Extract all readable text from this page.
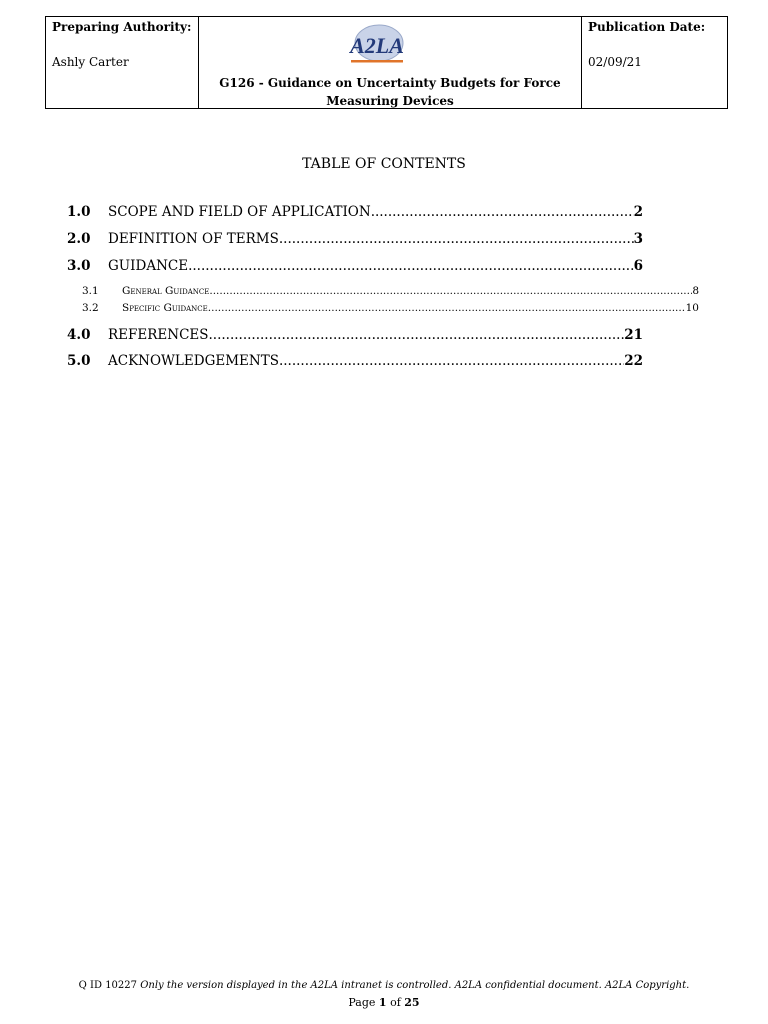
Preparing Authority:
Ashly Carter
A2LA
G126 - Guidance on Uncertainty Budgets for Force Measuring Devices
Publication Date:
02/09/21
TABLE OF CONTENTS
1.0	SCOPE AND FIELD OF APPLICATION .....	2
2.0	DEFINITION OF TERMS .....	3
3.0	GUIDANCE .....	6
3.1	General Guidance .....	8
3.2	Specific Guidance .....	10
4.0	REFERENCES .....	21
5.0	ACKNOWLEDGEMENTS .....	22
Q ID 10227 Only the version displayed in the A2LA intranet is controlled. A2LA confidential document. A2LA Copyright.
Page 1 of 25
